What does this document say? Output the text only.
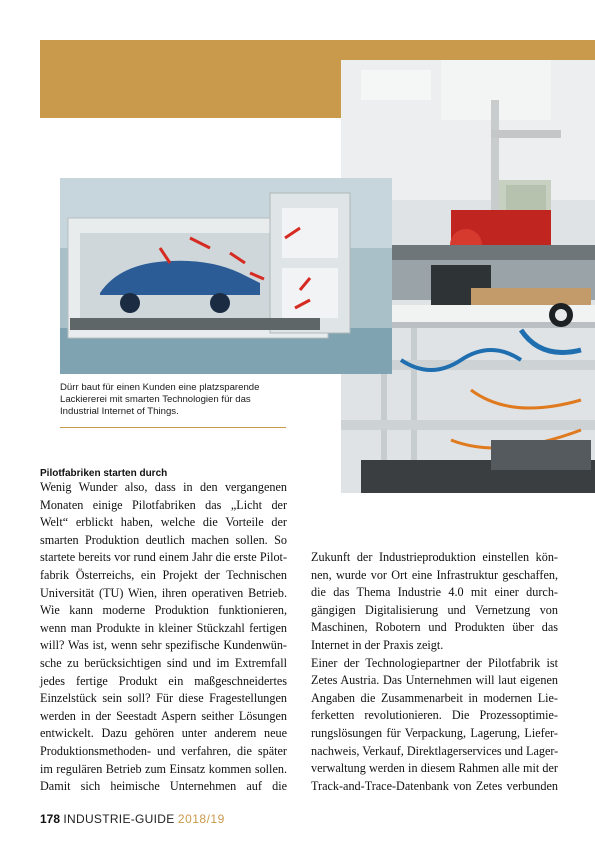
Dürr baut für einen Kunden eine platzsparende
Lackiererei mit smarten Technologien für das
Industrial Internet of Things.
Pilotfabriken starten durch
Wenig Wunder also, dass in den vergangenen
Monaten einige Pilotfabriken das „Licht der
Welt“ erblickt haben, welche die Vorteile der
smarten Produktion deutlich machen sollen. So
startete bereits vor rund einem Jahr die erste Pilot-
fabrik Österreichs, ein Projekt der Technischen
Universität (TU) Wien, ihren operativen Betrieb.
Wie kann moderne Produktion funktionieren,
wenn man Produkte in kleiner Stückzahl fertigen
will? Was ist, wenn sehr spezifische Kundenwün-
sche zu berücksichtigen sind und im Extremfall
jedes fertige Produkt ein maßgeschneidertes
Einzelstück sein soll? Für diese Fragestellungen
werden in der Seestadt Aspern seither Lösungen
entwickelt. Dazu gehören unter anderem neue
Produktionsmethoden- und verfahren, die später
im regulären Betrieb zum Einsatz kommen sollen.
Damit sich heimische Unternehmen auf die
Zukunft der Industrieproduktion einstellen kön-
nen, wurde vor Ort eine Infrastruktur geschaffen,
die das Thema Industrie 4.0 mit einer durch-
gängigen Digitalisierung und Vernetzung von
Maschinen, Robotern und Produkten über das
Internet in der Praxis zeigt.
Einer der Technologiepartner der Pilotfabrik ist
Zetes Austria. Das Unternehmen will laut eigenen
Angaben die Zusammenarbeit in modernen Lie-
ferketten revolutionieren. Die Prozessoptimie-
rungslösungen für Verpackung, Lagerung, Liefer-
nachweis, Verkauf, Direktlagerservices und Lager-
verwaltung werden in diesem Rahmen alle mit der
Track-and-Trace-Datenbank von Zetes verbunden
178 INDUSTRIE-GUIDE 2018/19
